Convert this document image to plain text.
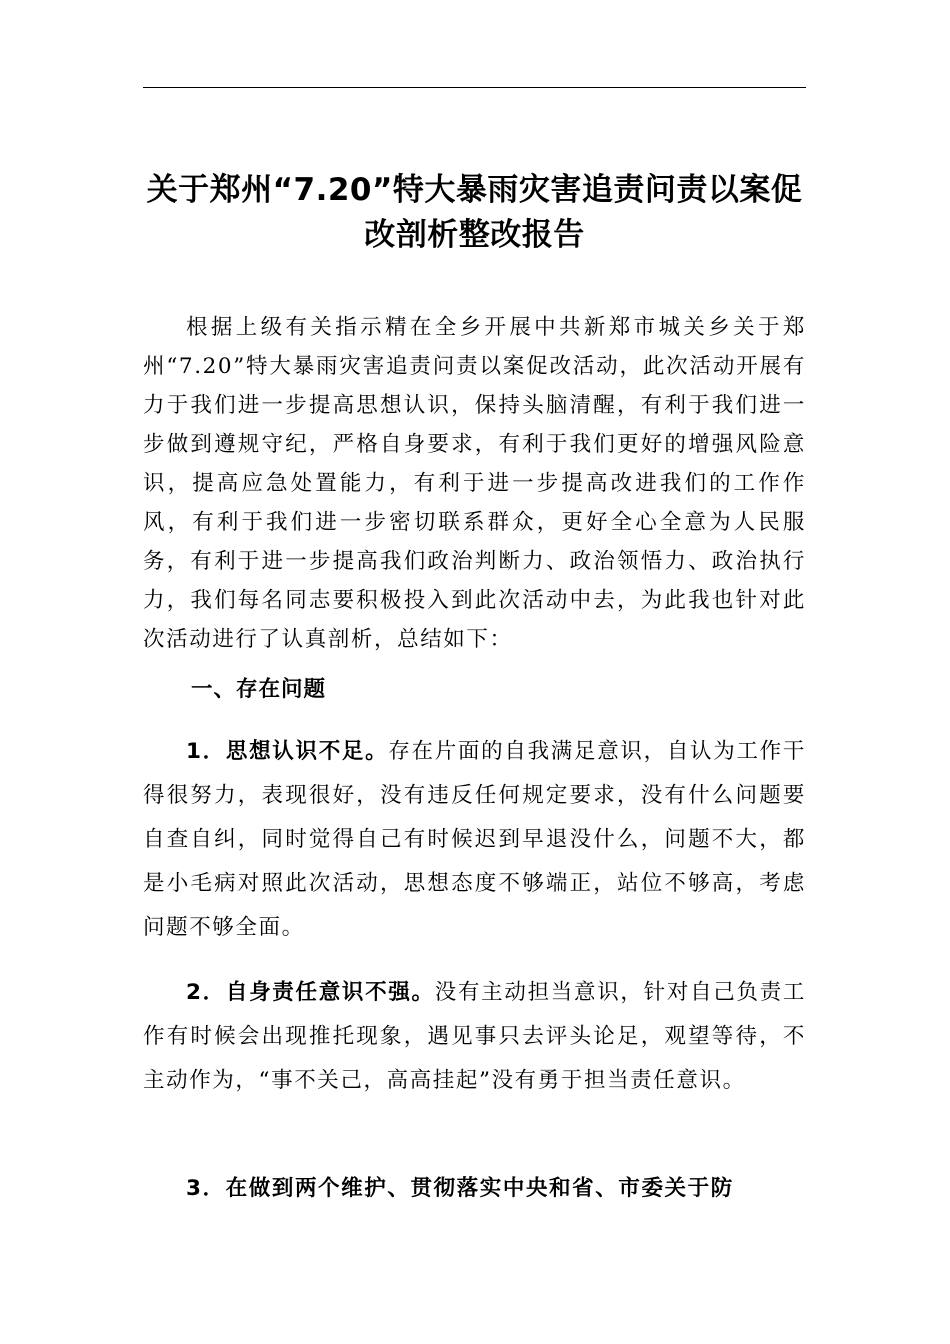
关于郑州“7.20”特大暴雨灾害追责问责以案促
改剖析整改报告

根据上级有关指示精在全乡开展中共新郑市城关乡关于郑州“7.20”特大暴雨灾害追责问责以案促改活动，此次活动开展有力于我们进一步提高思想认识，保持头脑清醒，有利于我们进一步做到遵规守纪，严格自身要求，有利于我们更好的增强风险意识，提高应急处置能力，有利于进一步提高改进我们的工作作风，有利于我们进一步密切联系群众，更好全心全意为人民服务，有利于进一步提高我们政治判断力、政治领悟力、政治执行力，我们每名同志要积极投入到此次活动中去，为此我也针对此次活动进行了认真剖析，总结如下：

一、存在问题

1．思想认识不足。存在片面的自我满足意识，自认为工作干得很努力，表现很好，没有违反任何规定要求，没有什么问题要自查自纠，同时觉得自己有时候迟到早退没什么，问题不大，都是小毛病对照此次活动，思想态度不够端正，站位不够高，考虑问题不够全面。

2．自身责任意识不强。没有主动担当意识，针对自己负责工作有时候会出现推托现象，遇见事只去评头论足，观望等待，不主动作为，“事不关己，高高挂起”没有勇于担当责任意识。

3．在做到两个维护、贯彻落实中央和省、市委关于防
